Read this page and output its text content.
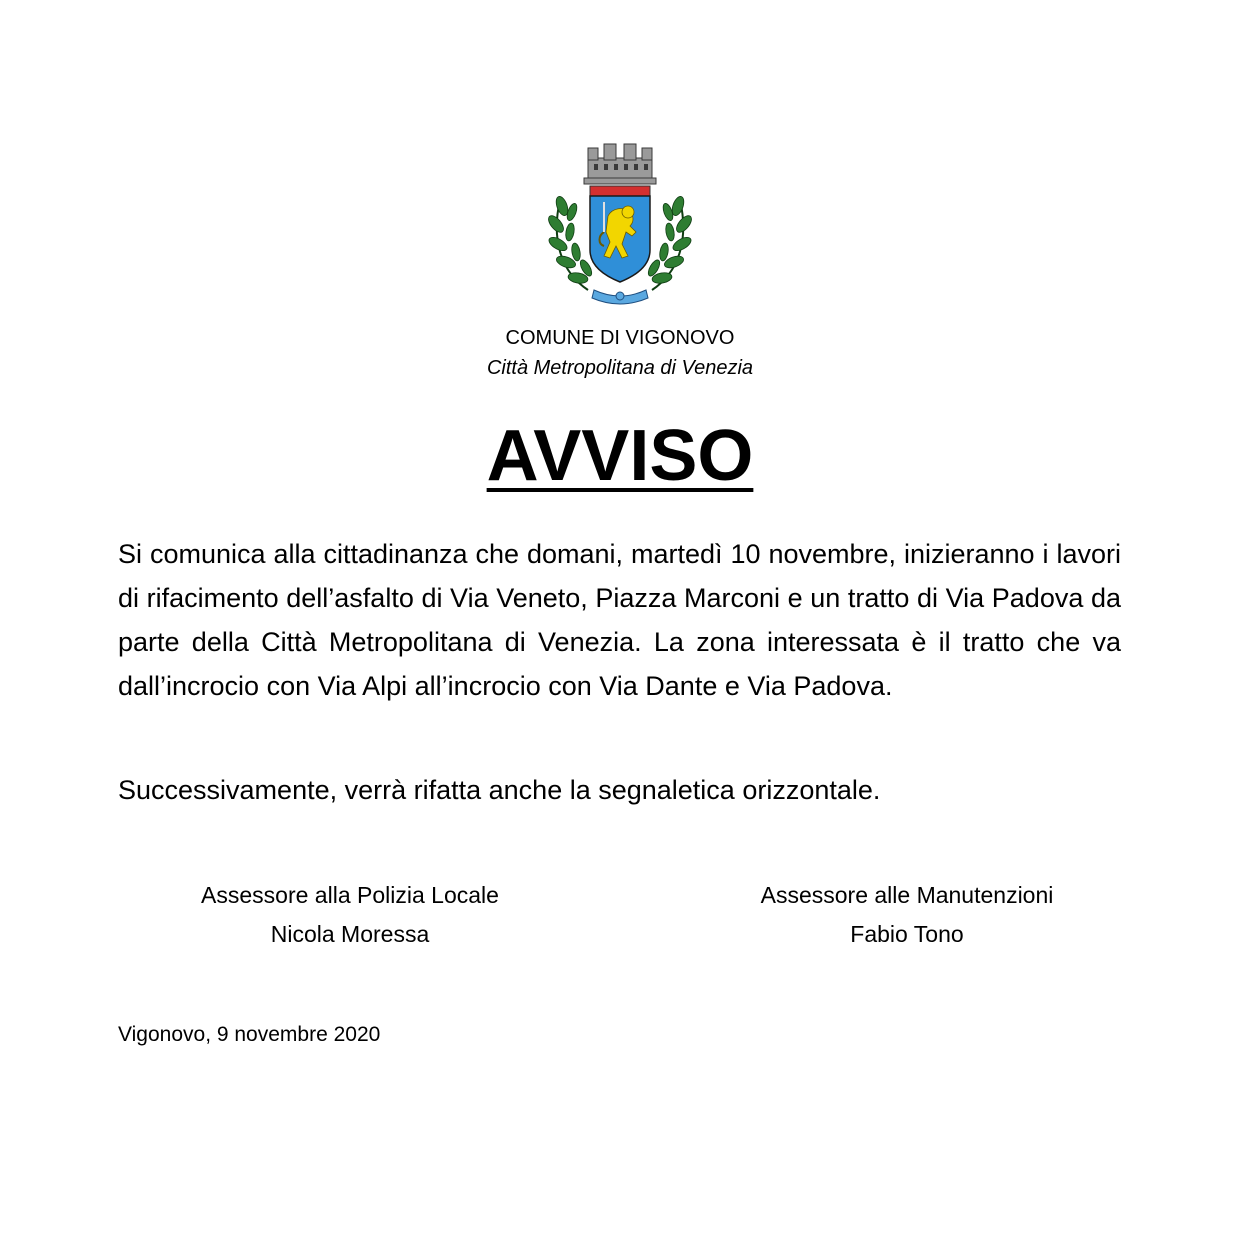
COMUNE DI VIGONOVO
Città Metropolitana di Venezia
AVVISO

Si comunica alla cittadinanza che domani, martedì 10 novembre, inizieranno i lavori di rifacimento dell’asfalto di Via Veneto, Piazza Marconi e un tratto di Via Padova da parte della Città Metropolitana di Venezia. La zona interessata è il tratto che va dall’incrocio con Via Alpi all’incrocio con Via Dante e Via Padova.

Successivamente, verrà rifatta anche la segnaletica orizzontale.

Assessore alla Polizia Locale
Nicola Moressa
Assessore alle Manutenzioni
Fabio Tono
Vigonovo, 9 novembre 2020
